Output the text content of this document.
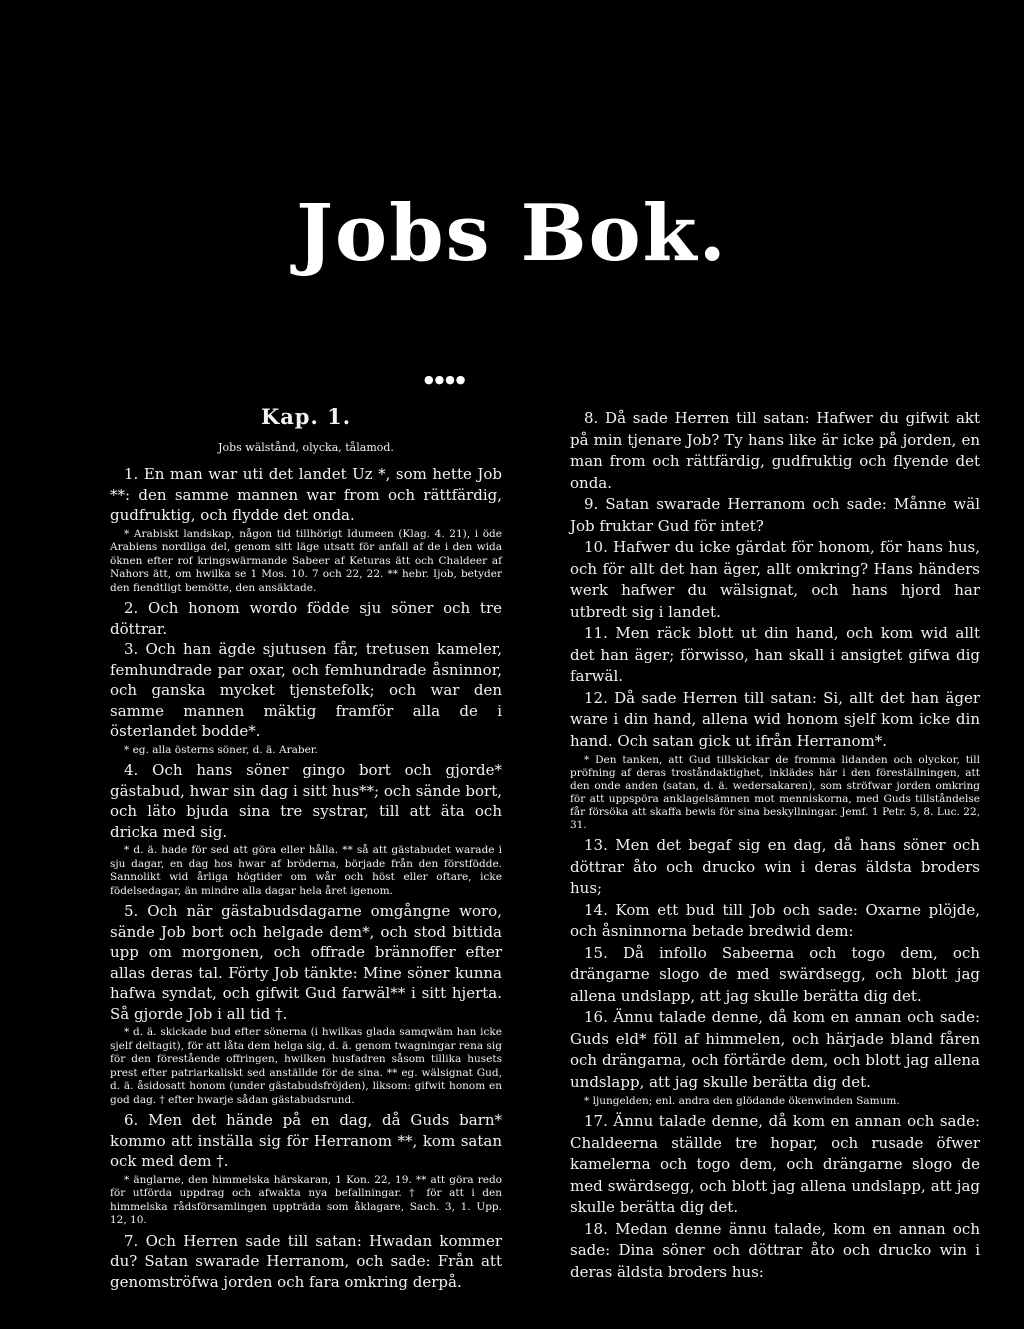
Jobs Bok.
●●●●
Kap. 1.
Jobs wälstånd, olycka, tålamod.

1. En man war uti det landet Uz *, som hette Job **: den samme mannen war from och rättfärdig, gudfruktig, och flydde det onda.

* Arabiskt landskap, någon tid tillhörigt Idumeen (Klag. 4. 21), i öde Arabiens nordliga del, genom sitt läge utsatt för anfall af de i den wida öknen efter rof kringswärmande Sabeer af Keturas ätt och Chaldeer af Nahors ätt, om hwilka se 1 Mos. 10. 7 och 22, 22. ** hebr. Ijob, betyder den fiendtligt bemötte, den ansäktade.

2. Och honom wordo födde sju söner och tre döttrar.

3. Och han ägde sjutusen får, tretusen kameler, femhundrade par oxar, och femhundrade åsninnor, och ganska mycket tjenstefolk; och war den samme mannen mäktig framför alla de i österlandet bodde*.

* eg. alla österns söner, d. ä. Araber.

4. Och hans söner gingo bort och gjorde* gästabud, hwar sin dag i sitt hus**; och sände bort, och läto bjuda sina tre systrar, till att äta och dricka med sig.

* d. ä. hade för sed att göra eller hålla. ** så att gästabudet warade i sju dagar, en dag hos hwar af bröderna, började från den förstfödde. Sannolikt wid årliga högtider om wår och höst eller oftare, icke födelsedagar, än mindre alla dagar hela året igenom.

5. Och när gästabudsdagarne omgångne woro, sände Job bort och helgade dem*, och stod bittida upp om morgonen, och offrade brännoffer efter allas deras tal. Förty Job tänkte: Mine söner kunna hafwa syndat, och gifwit Gud farwäl** i sitt hjerta. Så gjorde Job i all tid †.

* d. ä. skickade bud efter sönerna (i hwilkas glada samqwäm han icke sjelf deltagit), för att låta dem helga sig, d. ä. genom twagningar rena sig för den förestående offringen, hwilken husfadren såsom tillika husets prest efter patriarkaliskt sed anställde för de sina. ** eg. wälsignat Gud, d. ä. åsidosatt honom (under gästabudsfröjden), liksom: gifwit honom en god dag. † efter hwarje sådan gästabudsrund.

6. Men det hände på en dag, då Guds barn* kommo att inställa sig för Herranom **, kom satan ock med dem †.

* änglarne, den himmelska härskaran, 1 Kon. 22, 19. ** att göra redo för utförda uppdrag och afwakta nya befallningar. † för att i den himmelska rådsförsamlingen uppträda som åklagare, Sach. 3, 1. Upp. 12, 10.

7. Och Herren sade till satan: Hwadan kommer du? Satan swarade Herranom, och sade: Från att genomströfwa jorden och fara omkring derpå.

8. Då sade Herren till satan: Hafwer du gifwit akt på min tjenare Job? Ty hans like är icke på jorden, en man from och rättfärdig, gudfruktig och flyende det onda.

9. Satan swarade Herranom och sade: Månne wäl Job fruktar Gud för intet?

10. Hafwer du icke gärdat för honom, för hans hus, och för allt det han äger, allt omkring? Hans händers werk hafwer du wälsignat, och hans hjord har utbredt sig i landet.

11. Men räck blott ut din hand, och kom wid allt det han äger; förwisso, han skall i ansigtet gifwa dig farwäl.

12. Då sade Herren till satan: Si, allt det han äger ware i din hand, allena wid honom sjelf kom icke din hand. Och satan gick ut ifrån Herranom*.

* Den tanken, att Gud tillskickar de fromma lidanden och olyckor, till pröfning af deras troståndaktighet, inklädes här i den föreställningen, att den onde anden (satan, d. ä. wedersakaren), som ströfwar jorden omkring för att uppspöra anklagelsämnen mot menniskorna, med Guds tillståndelse får försöka att skaffa bewis för sina beskyllningar. Jemf. 1 Petr. 5, 8. Luc. 22, 31.

13. Men det begaf sig en dag, då hans söner och döttrar åto och drucko win i deras äldsta broders hus;

14. Kom ett bud till Job och sade: Oxarne plöjde, och åsninnorna betade bredwid dem:

15. Då infollo Sabeerna och togo dem, och drängarne slogo de med swärdsegg, och blott jag allena undslapp, att jag skulle berätta dig det.

16. Ännu talade denne, då kom en annan och sade: Guds eld* föll af himmelen, och härjade bland fåren och drängarna, och förtärde dem, och blott jag allena undslapp, att jag skulle berätta dig det.

* ljungelden; enl. andra den glödande ökenwinden Samum.

17. Ännu talade denne, då kom en annan och sade: Chaldeerna ställde tre hopar, och rusade öfwer kamelerna och togo dem, och drängarne slogo de med swärdsegg, och blott jag allena undslapp, att jag skulle berätta dig det.

18. Medan denne ännu talade, kom en annan och sade: Dina söner och döttrar åto och drucko win i deras äldsta broders hus:
